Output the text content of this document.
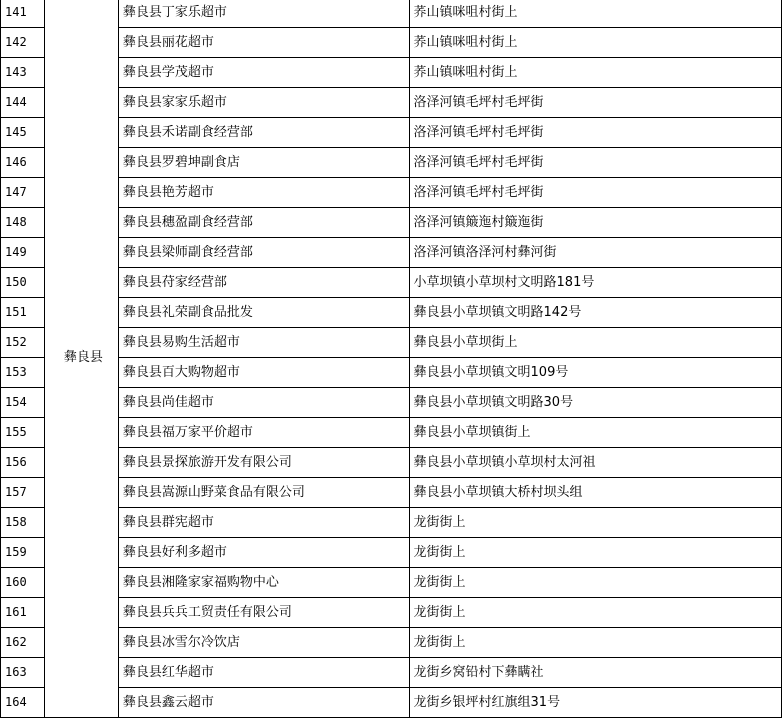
141	彝良县	彝良县丁家乐超市	荞山镇咪咀村街上
142		彝良县丽花超市	荞山镇咪咀村街上
143		彝良县学茂超市	荞山镇咪咀村街上
144		彝良县家家乐超市	洛泽河镇毛坪村毛坪街
145		彝良县禾诺副食经营部	洛泽河镇毛坪村毛坪街
146		彝良县罗碧坤副食店	洛泽河镇毛坪村毛坪街
147		彝良县艳芳超市	洛泽河镇毛坪村毛坪街
148		彝良县穗盈副食经营部	洛泽河镇簸迤村簸迤街
149		彝良县梁师副食经营部	洛泽河镇洛泽河村彝河街
150		彝良县苻家经营部	小草坝镇小草坝村文明路181号
151		彝良县礼荣副食品批发	彝良县小草坝镇文明路142号
152		彝良县易购生活超市	彝良县小草坝街上
153		彝良县百大购物超市	彝良县小草坝镇文明109号
154		彝良县尚佳超市	彝良县小草坝镇文明路30号
155		彝良县福万家平价超市	彝良县小草坝镇街上
156		彝良县景探旅游开发有限公司	彝良县小草坝镇小草坝村太河祖
157		彝良县嵩源山野菜食品有限公司	彝良县小草坝镇大桥村坝头组
158		彝良县群宪超市	龙街街上
159		彝良县好利多超市	龙街街上
160		彝良县湘隆家家福购物中心	龙街街上
161		彝良县兵兵工贸责任有限公司	龙街街上
162		彝良县冰雪尔冷饮店	龙街街上
163		彝良县红华超市	龙街乡窝铅村下彝瞒社
164		彝良县鑫云超市	龙街乡银坪村红旗组31号
